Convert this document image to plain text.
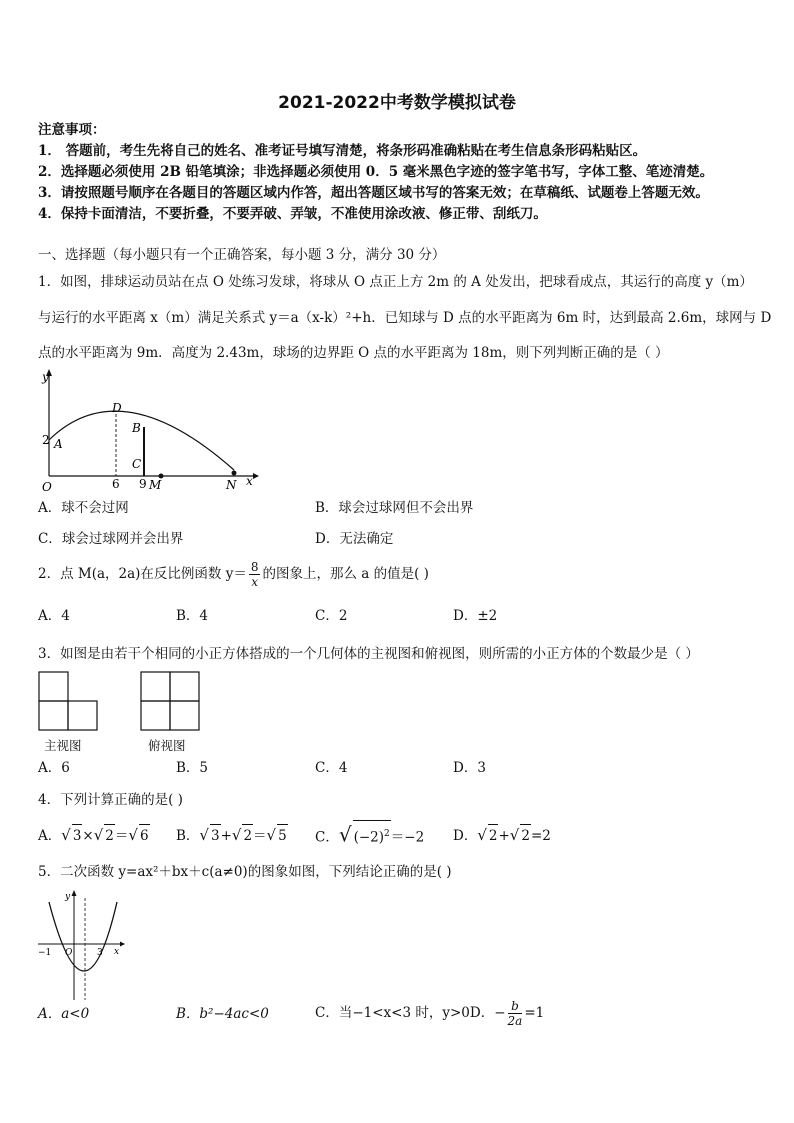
2021-2022中考数学模拟试卷
注意事项：
1． 答题前，考生先将自己的姓名、准考证号填写清楚，将条形码准确粘贴在考生信息条形码粘贴区。
2．选择题必须使用 2B 铅笔填涂；非选择题必须使用 0．5 毫米黑色字迹的签字笔书写，字体工整、笔迹清楚。
3．请按照题号顺序在各题目的答题区域内作答，超出答题区域书写的答案无效；在草稿纸、试题卷上答题无效。
4．保持卡面清洁，不要折叠，不要弄破、弄皱，不准使用涂改液、修正带、刮纸刀。
一、选择题（每小题只有一个正确答案，每小题 3 分，满分 30 分）
1．如图，排球运动员站在点 O 处练习发球，将球从 O 点正上方 2m 的 A 处发出，把球看成点，其运行的高度 y（m）
与运行的水平距离 x（m）满足关系式 y＝a（x-k）²+h．已知球与 D 点的水平距离为 6m 时，达到最高 2.6m，球网与 D
点的水平距离为 9m．高度为 2.43m，球场的边界距 O 点的水平距离为 18m，则下列判断正确的是（ ）
y
x
O
2 A
D
B
C
6 9 M	N
A．球不会过网	B．球会过球网但不会出界
C．球会过球网并会出界	D．无法确定
2．点 M(a，2a)在反比例函数 $y= \frac{8}{x}$ 的图象上，那么 a 的值是( )
A．4	B．4	C．2	D．±2
3．如图是由若干个相同的小正方体搭成的一个几何体的主视图和俯视图，则所需的小正方体的个数最少是（ ）
主视图	俯视图
A．6	B．5	C．4	D．3
4．下列计算正确的是( )
A．√ 3×√ 2＝√ 6 B．√ 3+√ 2＝√ 5 C．√ $(-2)^2=-2$ D．√ 2+√ 2=2
5．二次函数 y=ax²＋bx＋c(a≠0)的图象如图，下列结论正确的是( )
y
x
−1 O	3
A．a<0	B．b²−4ac<0	C．当−1<x<3 时，y>0D．− $\frac{b}{2a} =1$
